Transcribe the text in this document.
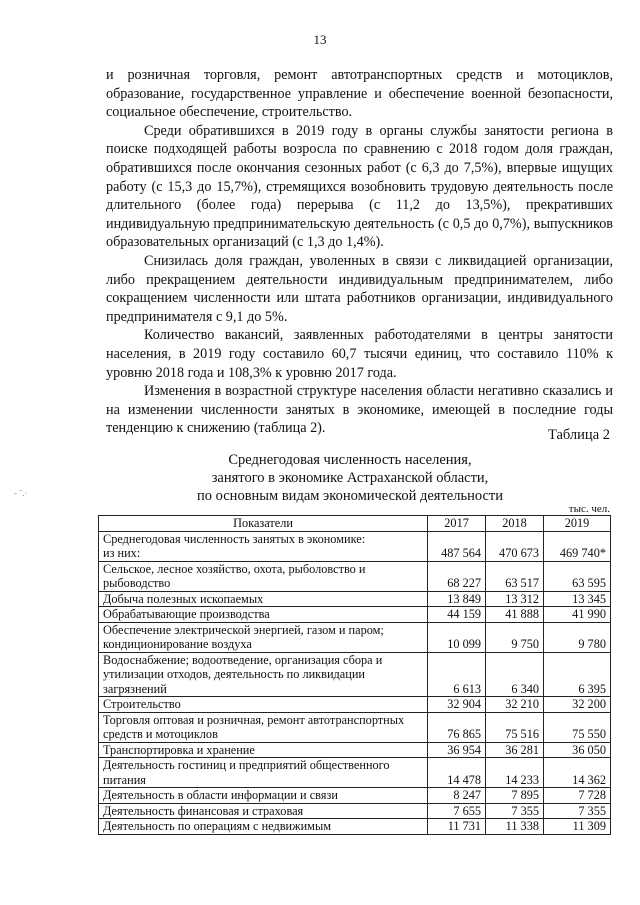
13

и розничная торговля, ремонт автотранспортных средств и мотоциклов, образование, государственное управление и обеспечение военной безопасности, социальное обеспечение, строительство.

Среди обратившихся в 2019 году в органы службы занятости региона в поиске подходящей работы возросла по сравнению с 2018 годом доля граждан, обратившихся после окончания сезонных работ (с 6,3 до 7,5%), впервые ищущих работу (с 15,3 до 15,7%), стремящихся возобновить трудовую деятельность после длительного (более года) перерыва (с 11,2 до 13,5%), прекративших индивидуальную предпринимательскую деятельность (с 0,5 до 0,7%), выпускников образовательных организаций (с 1,3 до 1,4%).

Снизилась доля граждан, уволенных в связи с ликвидацией организации, либо прекращением деятельности индивидуальным предпринимателем, либо сокращением численности или штата работников организации, индивидуального предпринимателя с 9,1 до 5%.

Количество вакансий, заявленных работодателями в центры занятости населения, в 2019 году составило 60,7 тысячи единиц, что составило 110% к уровню 2018 года и 108,3% к уровню 2017 года.

Изменения в возрастной структуре населения области негативно сказались и на изменении численности занятых в экономике, имеющей в последние годы тенденцию к снижению (таблица 2).	Таблица 2
Среднегодовая численность населения,
занятого в экономике Астраханской области,
по основным видам экономической деятельности
тыс. чел.
- ˉ.·
Показатели	2017	2018	2019
Среднегодовая численность занятых в экономике:
из них:	487 564	470 673	469 740*
Сельское, лесное хозяйство, охота, рыболовство и рыбоводство	68 227	63 517	63 595
Добыча полезных ископаемых	13 849	13 312	13 345
Обрабатывающие производства	44 159	41 888	41 990
Обеспечение электрической энергией, газом и паром; кондиционирование воздуха	10 099	9 750	9 780
Водоснабжение; водоотведение, организация сбора и утилизации отходов, деятельность по ликвидации загрязнений	6 613	6 340	6 395
Строительство	32 904	32 210	32 200
Торговля оптовая и розничная, ремонт автотранспортных средств и мотоциклов	76 865	75 516	75 550
Транспортировка и хранение	36 954	36 281	36 050
Деятельность гостиниц и предприятий общественного питания	14 478	14 233	14 362
Деятельность в области информации и связи	8 247	7 895	7 728
Деятельность финансовая и страховая	7 655	7 355	7 355
Деятельность по операциям с недвижимым	11 731	11 338	11 309
